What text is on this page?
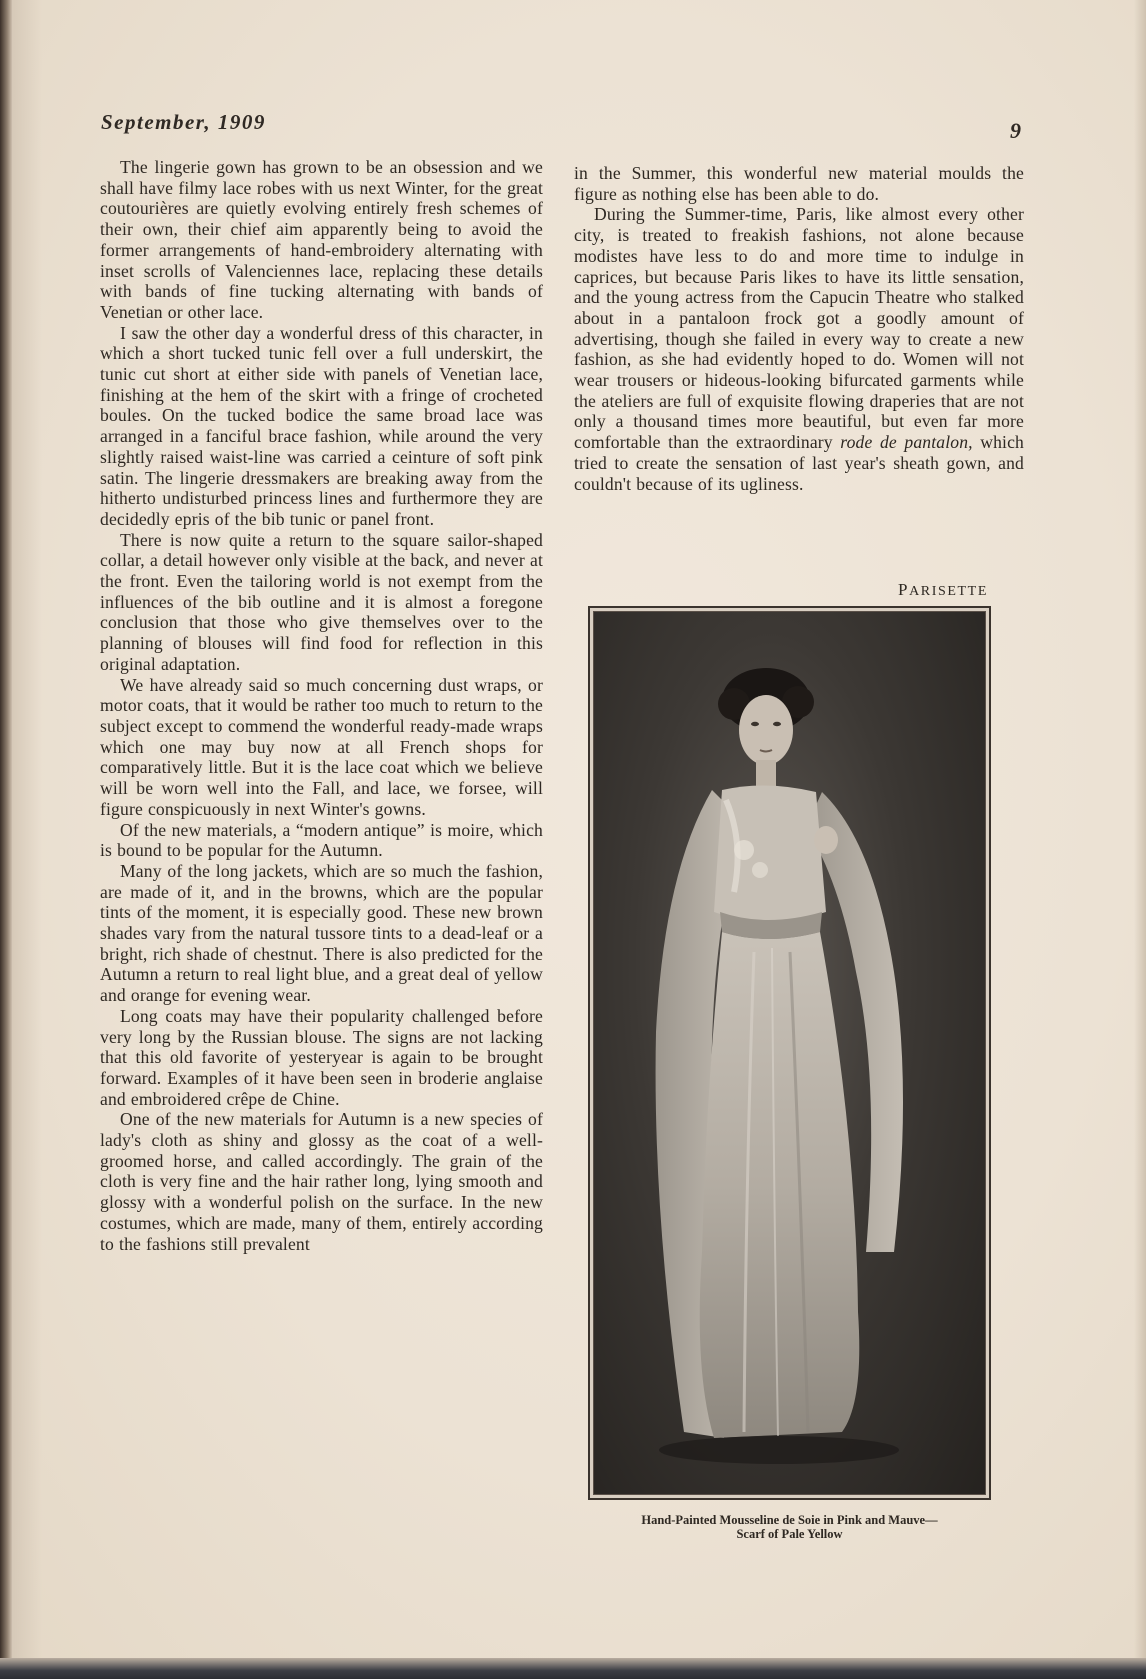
September, 1909	9

The lingerie gown has grown to be an obsession and we shall have filmy lace robes with us next Winter, for the great coutourières are quietly evolving entirely fresh schemes of their own, their chief aim apparently being to avoid the former arrangements of hand-embroidery alternating with inset scrolls of Valenciennes lace, replacing these details with bands of fine tucking alternating with bands of Venetian or other lace.

I saw the other day a wonderful dress of this character, in which a short tucked tunic fell over a full underskirt, the tunic cut short at either side with panels of Venetian lace, finishing at the hem of the skirt with a fringe of crocheted boules. On the tucked bodice the same broad lace was arranged in a fanciful brace fashion, while around the very slightly raised waist-line was carried a ceinture of soft pink satin. The lingerie dressmakers are breaking away from the hitherto undisturbed princess lines and furthermore they are decidedly epris of the bib tunic or panel front.

There is now quite a return to the square sailor-shaped collar, a detail however only visible at the back, and never at the front. Even the tailoring world is not exempt from the influences of the bib outline and it is almost a foregone conclusion that those who give themselves over to the planning of blouses will find food for reflection in this original adaptation.

We have already said so much concerning dust wraps, or motor coats, that it would be rather too much to return to the subject except to commend the wonderful ready-made wraps which one may buy now at all French shops for comparatively little. But it is the lace coat which we believe will be worn well into the Fall, and lace, we forsee, will figure conspicuously in next Winter's gowns.

Of the new materials, a “modern antique” is moire, which is bound to be popular for the Autumn.

Many of the long jackets, which are so much the fashion, are made of it, and in the browns, which are the popular tints of the moment, it is especially good. These new brown shades vary from the natural tussore tints to a dead-leaf or a bright, rich shade of chestnut. There is also predicted for the Autumn a return to real light blue, and a great deal of yellow and orange for evening wear.

Long coats may have their popularity challenged before very long by the Russian blouse. The signs are not lacking that this old favorite of yesteryear is again to be brought forward. Examples of it have been seen in broderie anglaise and embroidered crêpe de Chine.

One of the new materials for Autumn is a new species of lady's cloth as shiny and glossy as the coat of a well-groomed horse, and called accordingly. The grain of the cloth is very fine and the hair rather long, lying smooth and glossy with a wonderful polish on the surface. In the new costumes, which are made, many of them, entirely according to the fashions still prevalent

in the Summer, this wonderful new material moulds the figure as nothing else has been able to do.

During the Summer-time, Paris, like almost every other city, is treated to freakish fashions, not alone because modistes have less to do and more time to indulge in caprices, but because Paris likes to have its little sensation, and the young actress from the Capucin Theatre who stalked about in a pantaloon frock got a goodly amount of advertising, though she failed in every way to create a new fashion, as she had evidently hoped to do. Women will not wear trousers or hideous-looking bifurcated garments while the ateliers are full of exquisite flowing draperies that are not only a thousand times more beautiful, but even far more comfortable than the extraordinary rode de pantalon, which tried to create the sensation of last year's sheath gown, and couldn't because of its ugliness.

PARISETTE
Hand-Painted Mousseline de Soie in Pink and Mauve—
Scarf of Pale Yellow
